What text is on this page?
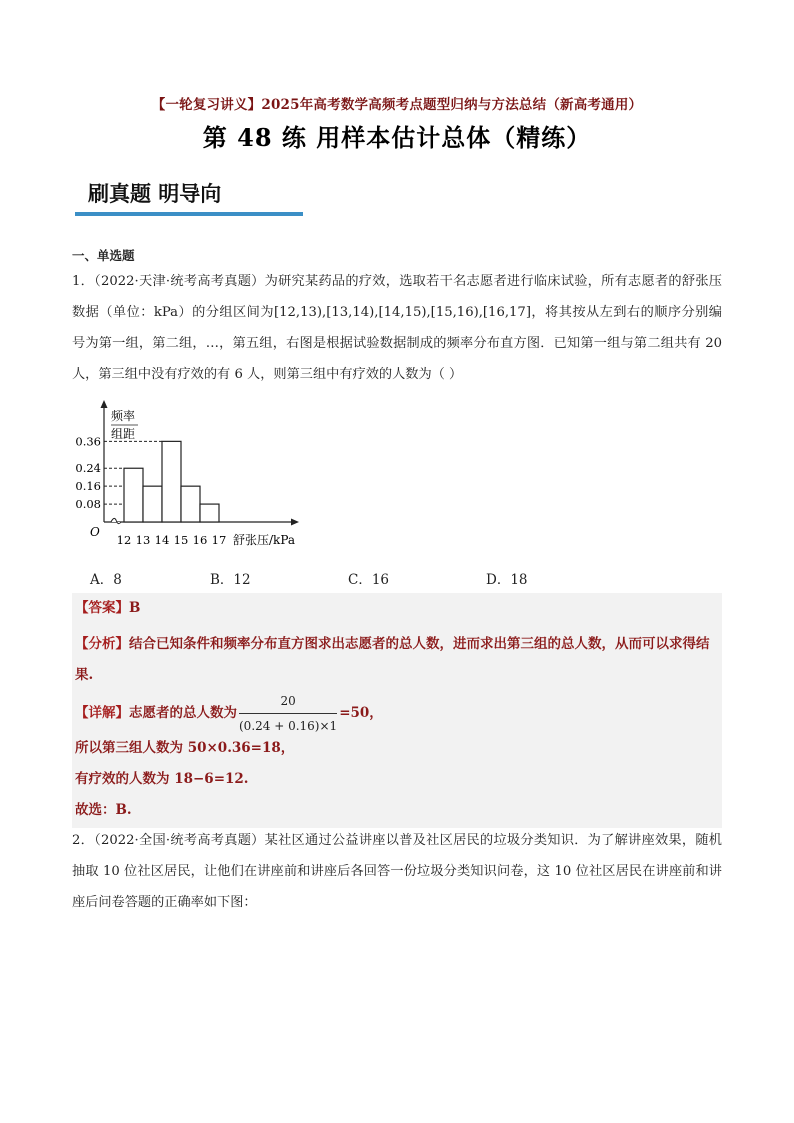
【一轮复习讲义】2025年高考数学高频考点题型归纳与方法总结（新高考通用）
第 48 练 用样本估计总体（精练）
刷真题 明导向
一、单选题
1．（2022·天津·统考高考真题）为研究某药品的疗效，选取若干名志愿者进行临床试验，所有志愿者的舒张压数据（单位：kPa）的分组区间为[12,13),[13,14),[14,15),[15,16),[16,17]，将其按从左到右的顺序分别编号为第一组，第二组，…，第五组，右图是根据试验数据制成的频率分布直方图．已知第一组与第二组共有 20 人，第三组中没有疗效的有 6 人，则第三组中有疗效的人数为（ ）
频率
组距
O
舒张压/kPa
0.08
0.16
0.24
0.36
12 13 14 15 16 17
A．8	B．12	C．16	D．18
【答案】B
【分析】结合已知条件和频率分布直方图求出志愿者的总人数，进而求出第三组的总人数，从而可以求得结果.
【详解】志愿者的总人数为 $\frac{20}{(0.24 + 0.16)\times 1} =50$，
所以第三组人数为 50×0.36=18，
有疗效的人数为 18−6=12.
故选：B.
2．（2022·全国·统考高考真题）某社区通过公益讲座以普及社区居民的垃圾分类知识．为了解讲座效果，随机抽取 10 位社区居民，让他们在讲座前和讲座后各回答一份垃圾分类知识问卷，这 10 位社区居民在讲座前和讲座后问卷答题的正确率如下图：
